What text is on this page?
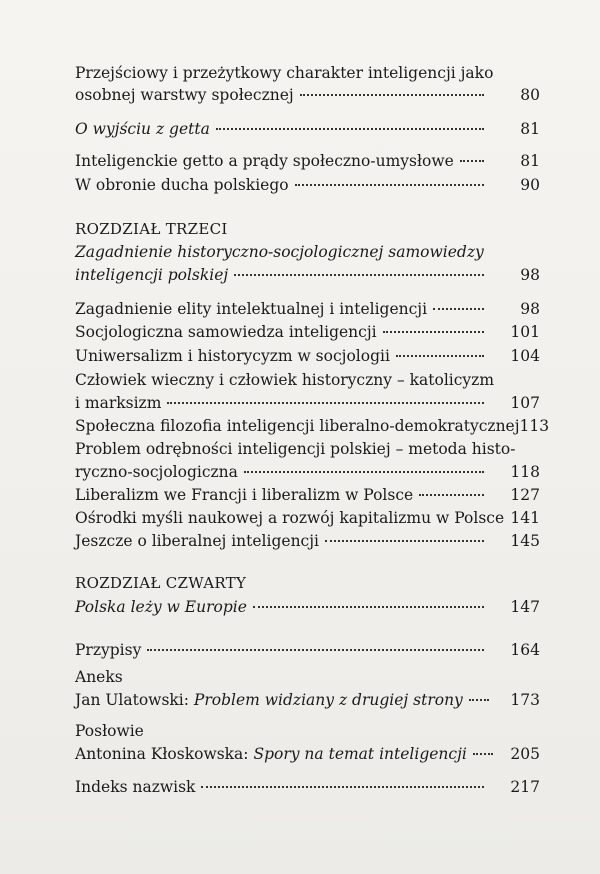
Przejściowy i przeżytkowy charakter inteligencji jako
osobnej warstwy społecznej	80
O wyjściu z getta	81
Inteligenckie getto a prądy społeczno-umysłowe	81
W obronie ducha polskiego	90
ROZDZIAŁ TRZECI
Zagadnienie historyczno-socjologicznej samowiedzy
inteligencji polskiej	98
Zagadnienie elity intelektualnej i inteligencji	98
Socjologiczna samowiedza inteligencji	101
Uniwersalizm i historycyzm w socjologii	104
Człowiek wieczny i człowiek historyczny – katolicyzm
i marksizm	107
Społeczna filozofia inteligencji liberalno-demokratycznej 113
Problem odrębności inteligencji polskiej – metoda histo-
ryczno-socjologiczna	118
Liberalizm we Francji i liberalizm w Polsce	127
Ośrodki myśli naukowej a rozwój kapitalizmu w Polsce 141
Jeszcze o liberalnej inteligencji	145
ROZDZIAŁ CZWARTY
Polska leży w Europie	147
Przypisy	164
Aneks
Jan Ulatowski: Problem widziany z drugiej strony	173
Posłowie
Antonina Kłoskowska: Spory na temat inteligencji	205
Indeks nazwisk	217
